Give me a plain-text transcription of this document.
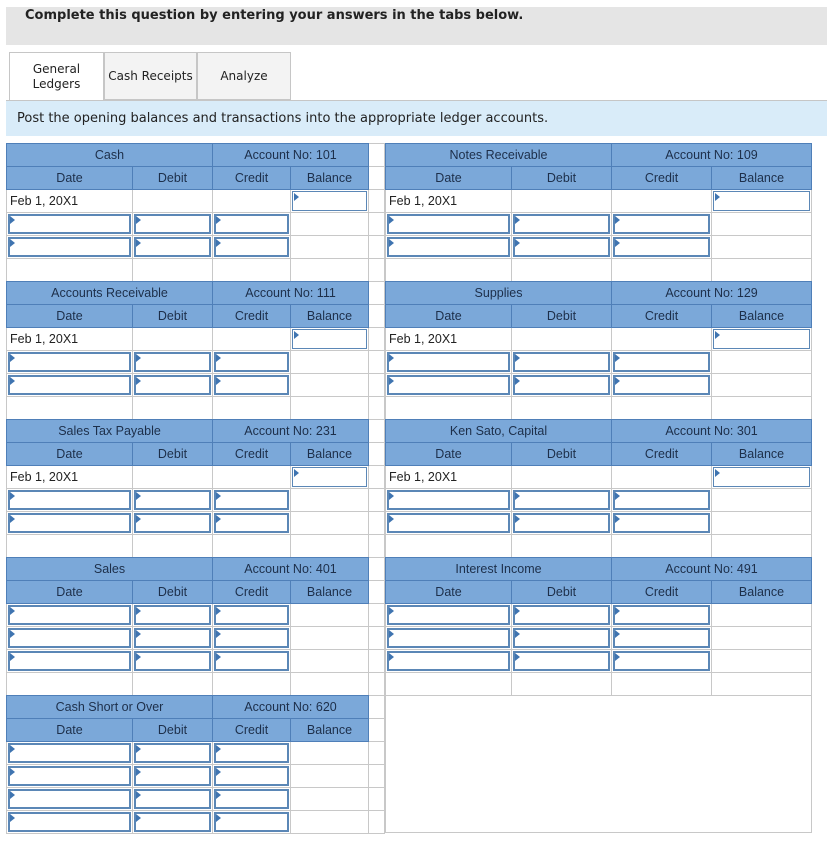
Complete this question by entering your answers in the tabs below.
General
Ledgers
Cash Receipts Analyze
Post the opening balances and transactions into the appropriate ledger accounts.
Cash		Account No: 101		
Date	Debit	Credit	Balance	
Feb 1, 20X1				

Notes Receivable		Account No: 109	
Date	Debit	Credit	Balance
Feb 1, 20X1			

Accounts Receivable		Account No: 111		
Date	Debit	Credit	Balance	
Feb 1, 20X1				

Supplies		Account No: 129	
Date	Debit	Credit	Balance
Feb 1, 20X1			

Sales Tax Payable		Account No: 231		
Date	Debit	Credit	Balance	
Feb 1, 20X1				

Ken Sato, Capital		Account No: 301	
Date	Debit	Credit	Balance
Feb 1, 20X1			

Sales		Account No: 401		
Date	Debit	Credit	Balance	

Interest Income		Account No: 491	
Date	Debit	Credit	Balance

Cash Short or Over		Account No: 620		
Date	Debit	Credit	Balance	
